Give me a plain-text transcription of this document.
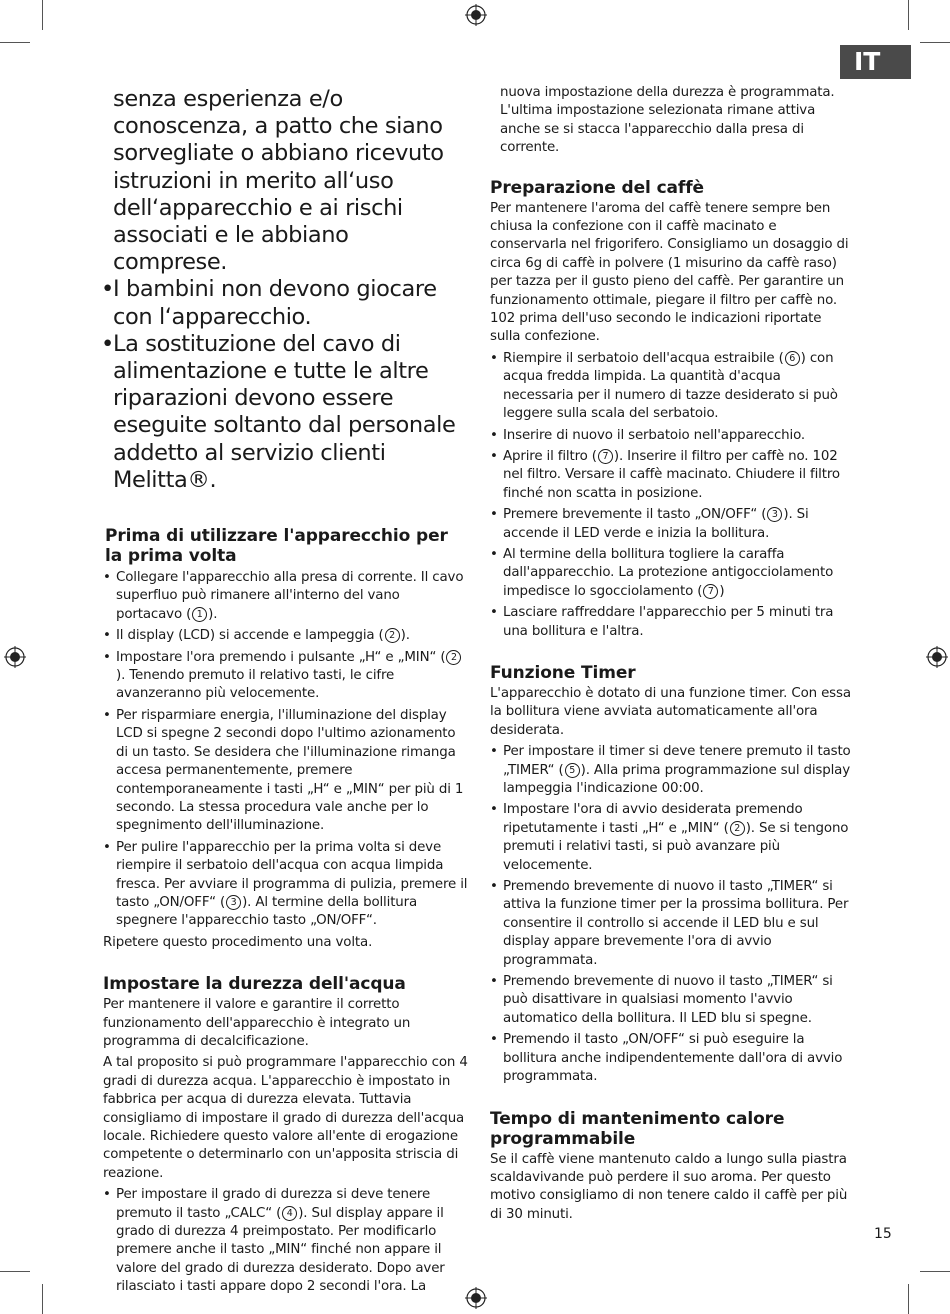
IT

senza esperienza e/o conoscenza, a patto che siano sorvegliate o abbiano ricevuto istruzioni in merito all‘uso dell‘apparecchio e ai rischi associati e le abbiano comprese.

• I bambini non devono giocare con l‘apparecchio.

• La sostituzione del cavo di alimentazione e tutte le altre riparazioni devono essere eseguite soltanto dal personale addetto al servizio clienti Melitta®.

Prima di utilizzare l'apparecchio per la prima volta
• Collegare l'apparecchio alla presa di corrente. Il cavo superfluo può rimanere all'interno del vano portacavo ( 1 ).
• Il display (LCD) si accende e lampeggia ( 2 ).
• Impostare l'ora premendo i pulsante „H“ e „MIN“ ( 2). Tenendo premuto il relativo tasti, le cifre avanzeranno più velocemente.
• Per risparmiare energia, l'illuminazione del display LCD si spegne 2 secondi dopo l'ultimo azionamento di un tasto. Se desidera che l'illuminazione rimanga accesa permanentemente, premere contemporaneamente i tasti „H“ e „MIN“ per più di 1 secondo. La stessa procedura vale anche per lo spegnimento dell'illuminazione.
• Per pulire l'apparecchio per la prima volta si deve riempire il serbatoio dell'acqua con acqua limpida fresca. Per avviare il programma di pulizia, premere il tasto „ON/OFF“ ( 3 ). Al termine della bollitura spegnere l'apparecchio tasto „ON/OFF“.

Ripetere questo procedimento una volta.

Impostare la durezza dell'acqua

Per mantenere il valore e garantire il corretto funzionamento dell'apparecchio è integrato un programma di decalcificazione.

A tal proposito si può programmare l'apparecchio con 4 gradi di durezza acqua. L'apparecchio è impostato in fabbrica per acqua di durezza elevata. Tuttavia consigliamo di impostare il grado di durezza dell'acqua locale. Richiedere questo valore all'ente di erogazione competente o determinarlo con un'apposita striscia di reazione.

• Per impostare il grado di durezza si deve tenere premuto il tasto „CALC“ ( 4 ). Sul display appare il grado di durezza 4 preimpostato. Per modificarlo premere anche il tasto „MIN“ finché non appare il valore del grado di durezza desiderato. Dopo aver rilasciato i tasti appare dopo 2 secondi l'ora. La

nuova impostazione della durezza è programmata. L'ultima impostazione selezionata rimane attiva anche se si stacca l'apparecchio dalla presa di corrente.

Preparazione del caffè

Per mantenere l'aroma del caffè tenere sempre ben chiusa la confezione con il caffè macinato e conservarla nel frigorifero. Consigliamo un dosaggio di circa 6g di caffè in polvere (1 misurino da caffè raso) per tazza per il gusto pieno del caffè. Per garantire un funzionamento ottimale, piegare il filtro per caffè no. 102 prima dell'uso secondo le indicazioni riportate sulla confezione.

• Riempire il serbatoio dell'acqua estraibile ( 6 ) con acqua fredda limpida. La quantità d'acqua necessaria per il numero di tazze desiderato si può leggere sulla scala del serbatoio.
• Inserire di nuovo il serbatoio nell'apparecchio.
• Aprire il filtro ( 7 ). Inserire il filtro per caffè no. 102 nel filtro. Versare il caffè macinato. Chiudere il filtro finché non scatta in posizione.
• Premere brevemente il tasto „ON/OFF“ ( 3 ). Si accende il LED verde e inizia la bollitura.
• Al termine della bollitura togliere la caraffa dall'apparecchio. La protezione antigocciolamento impedisce lo sgocciolamento ( 7 )
• Lasciare raffreddare l'apparecchio per 5 minuti tra una bollitura e l'altra.
Funzione Timer

L'apparecchio è dotato di una funzione timer. Con essa la bollitura viene avviata automaticamente all'ora desiderata.

• Per impostare il timer si deve tenere premuto il tasto „TIMER“ ( 5 ). Alla prima programmazione sul display lampeggia l'indicazione 00:00.
• Impostare l'ora di avvio desiderata premendo ripetutamente i tasti „H“ e „MIN“ ( 2 ). Se si tengono premuti i relativi tasti, si può avanzare più velocemente.
• Premendo brevemente di nuovo il tasto „TIMER“ si attiva la funzione timer per la prossima bollitura. Per consentire il controllo si accende il LED blu e sul display appare brevemente l'ora di avvio programmata.
• Premendo brevemente di nuovo il tasto „TIMER“ si può disattivare in qualsiasi momento l'avvio automatico della bollitura. Il LED blu si spegne.
• Premendo il tasto „ON/OFF“ si può eseguire la bollitura anche indipendentemente dall'ora di avvio programmata.
Tempo di mantenimento calore programmabile

Se il caffè viene mantenuto caldo a lungo sulla piastra scaldavivande può perdere il suo aroma. Per questo motivo consigliamo di non tenere caldo il caffè per più di 30 minuti.

15
